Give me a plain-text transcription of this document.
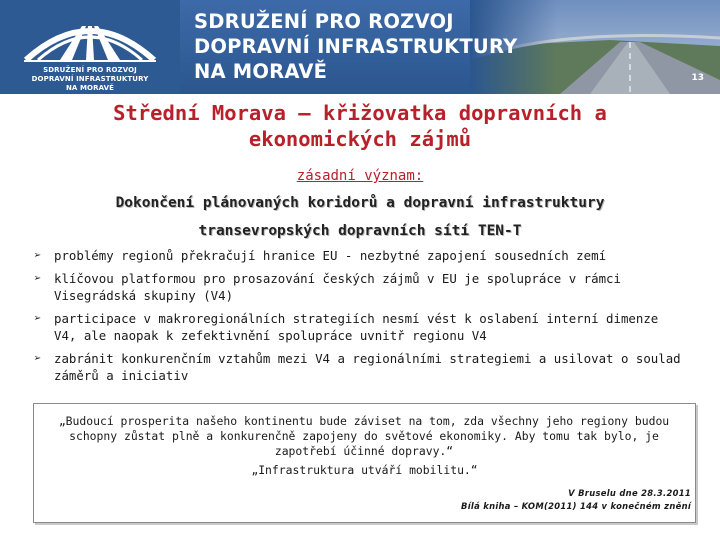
SDRUŽENÍ PRO ROZVOJ
DOPRAVNÍ INFRASTRUKTURY
NA MORAVĚ
SDRUŽENÍ PRO ROZVOJ
DOPRAVNÍ INFRASTRUKTURY
NA MORAVĚ	13
Střední Morava – křižovatka dopravních a
ekonomických zájmů
zásadní význam:
Dokončení plánovaných koridorů a dopravní infrastruktury
transevropských dopravních sítí TEN-T
➢ problémy regionů překračují hranice EU - nezbytné zapojení sousedních zemí
➢ klíčovou platformou pro prosazování českých zájmů v EU je spolupráce v rámci Visegrádská skupiny (V4)
➢ participace v makroregionálních strategiích nesmí vést k oslabení interní dimenze V4, ale naopak k zefektivnění spolupráce uvnitř regionu V4
➢ zabránit konkurenčním vztahům mezi V4 a regionálními strategiemi a usilovat o soulad záměrů a iniciativ
„Budoucí prosperita našeho kontinentu bude záviset na tom, zda všechny jeho regiony budou schopny zůstat plně a konkurenčně zapojeny do světové ekonomiky. Aby tomu tak bylo, je zapotřebí účinné dopravy.“
„Infrastruktura utváří mobilitu.“
V Bruselu dne 28.3.2011
Bílá kniha – KOM(2011) 144 v konečném znění
